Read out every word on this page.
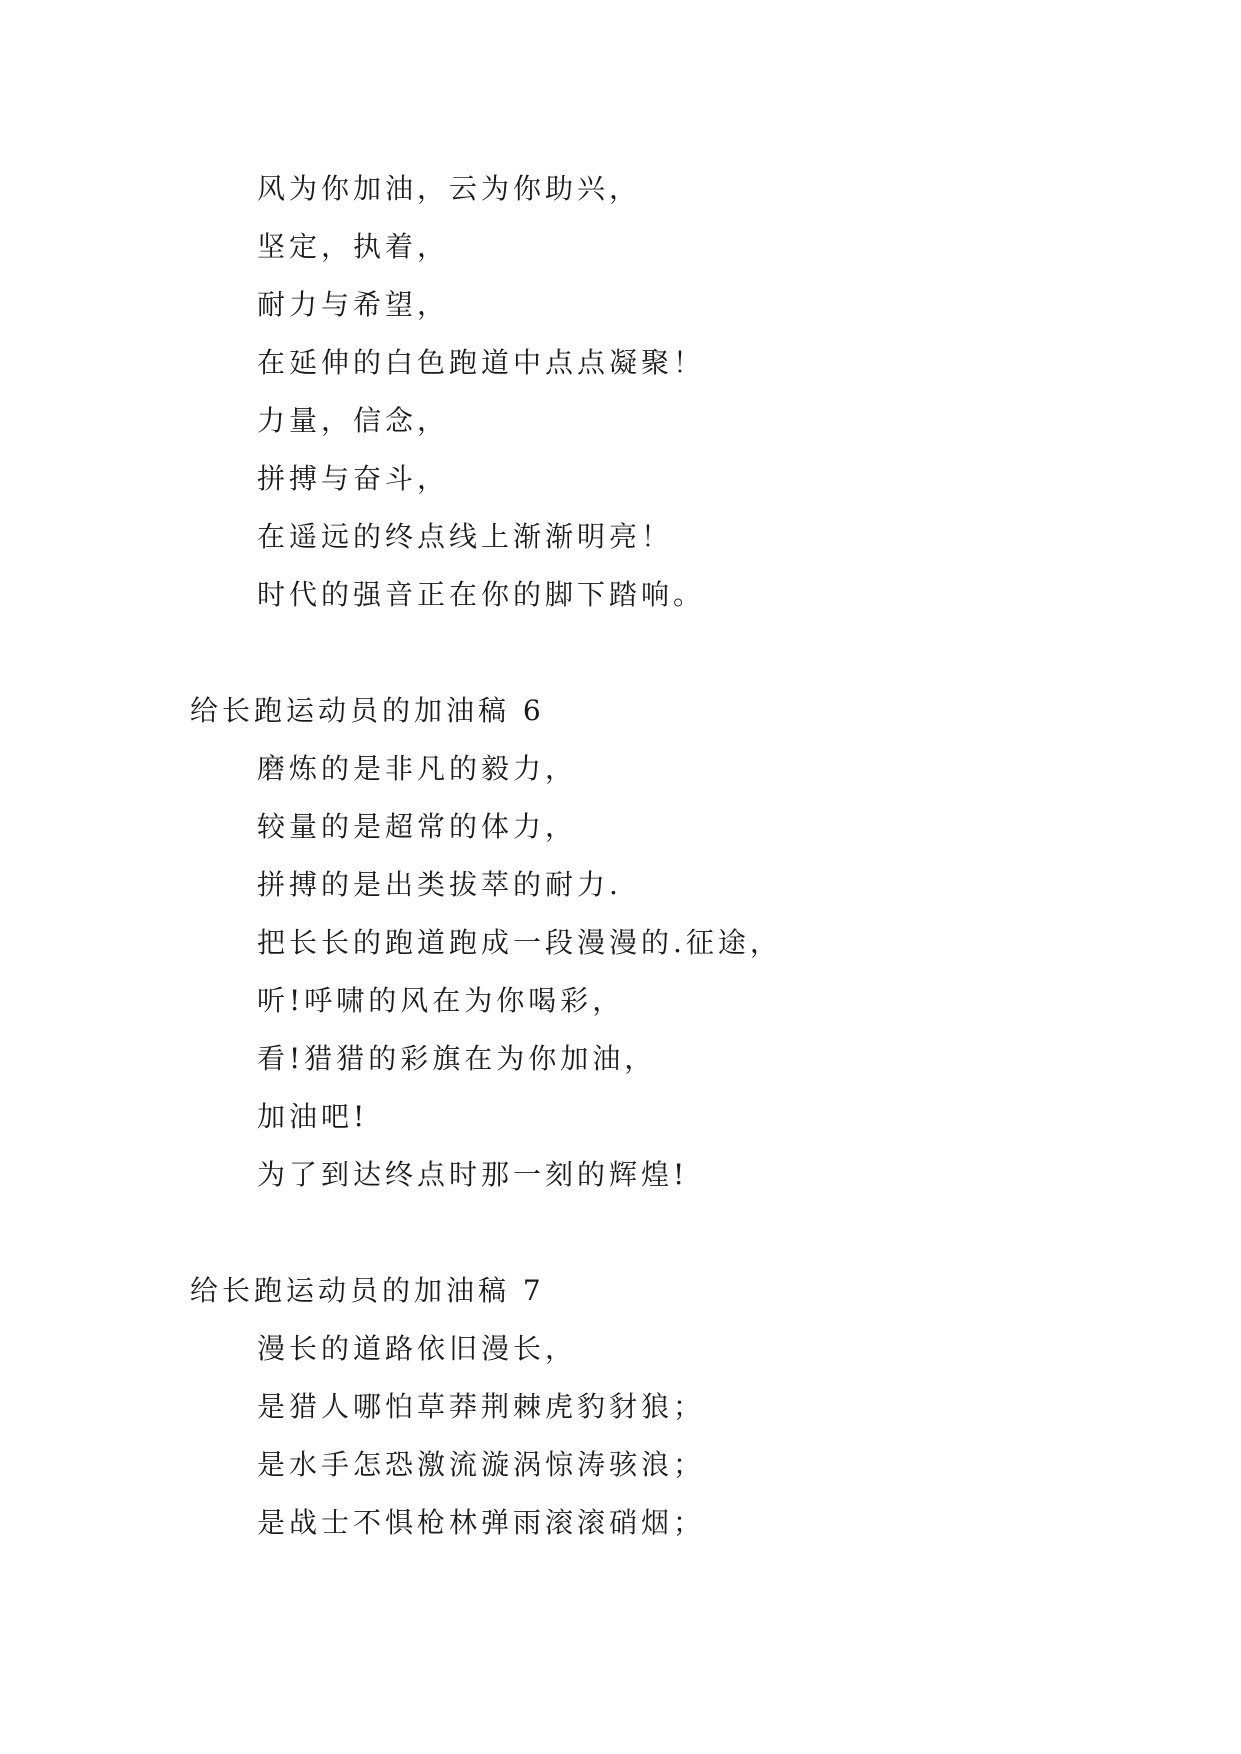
风为你加油，云为你助兴，
坚定，执着，
耐力与希望，
在延伸的白色跑道中点点凝聚！
力量，信念，
拼搏与奋斗，
在遥远的终点线上渐渐明亮！
时代的强音正在你的脚下踏响。
给长跑运动员的加油稿 6
磨炼的是非凡的毅力，
较量的是超常的体力，
拼搏的是出类拔萃的耐力.
把长长的跑道跑成一段漫漫的.征途，
听!呼啸的风在为你喝彩，
看!猎猎的彩旗在为你加油，
加油吧!
为了到达终点时那一刻的辉煌!
给长跑运动员的加油稿 7
漫长的道路依旧漫长，
是猎人哪怕草莽荆棘虎豹豺狼；
是水手怎恐激流漩涡惊涛骇浪；
是战士不惧枪林弹雨滚滚硝烟；
